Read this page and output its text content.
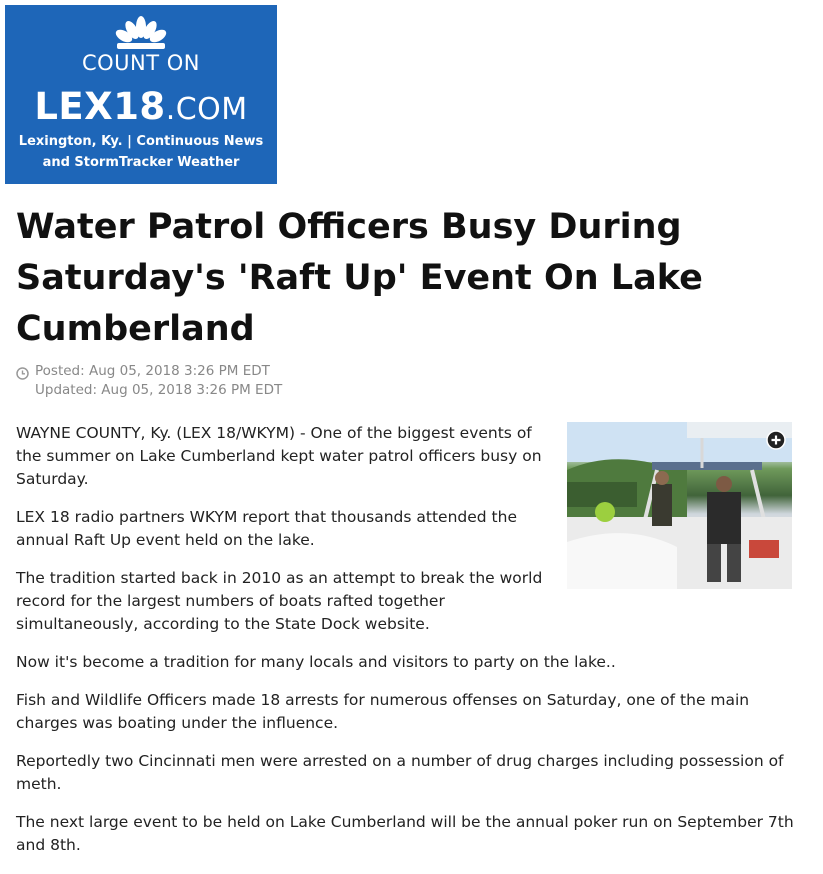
COUNT ON
LEX18.COM
Lexington, Ky. | Continuous News
and StormTracker Weather
Water Patrol Officers Busy During Saturday's 'Raft Up' Event On Lake Cumberland
Posted: Aug 05, 2018 3:26 PM EDT
Updated: Aug 05, 2018 3:26 PM EDT

WAYNE COUNTY, Ky. (LEX 18/WKYM) - One of the biggest events of the summer on Lake Cumberland kept water patrol officers busy on Saturday.

LEX 18 radio partners WKYM report that thousands attended the annual Raft Up event held on the lake.

The tradition started back in 2010 as an attempt to break the world record for the largest numbers of boats rafted together simultaneously, according to the State Dock website.

Now it's become a tradition for many locals and visitors to party on the lake..

Fish and Wildlife Officers made 18 arrests for numerous offenses on Saturday, one of the main charges was boating under the influence.

Reportedly two Cincinnati men were arrested on a number of drug charges including possession of meth.

The next large event to be held on Lake Cumberland will be the annual poker run on September 7th and 8th.
